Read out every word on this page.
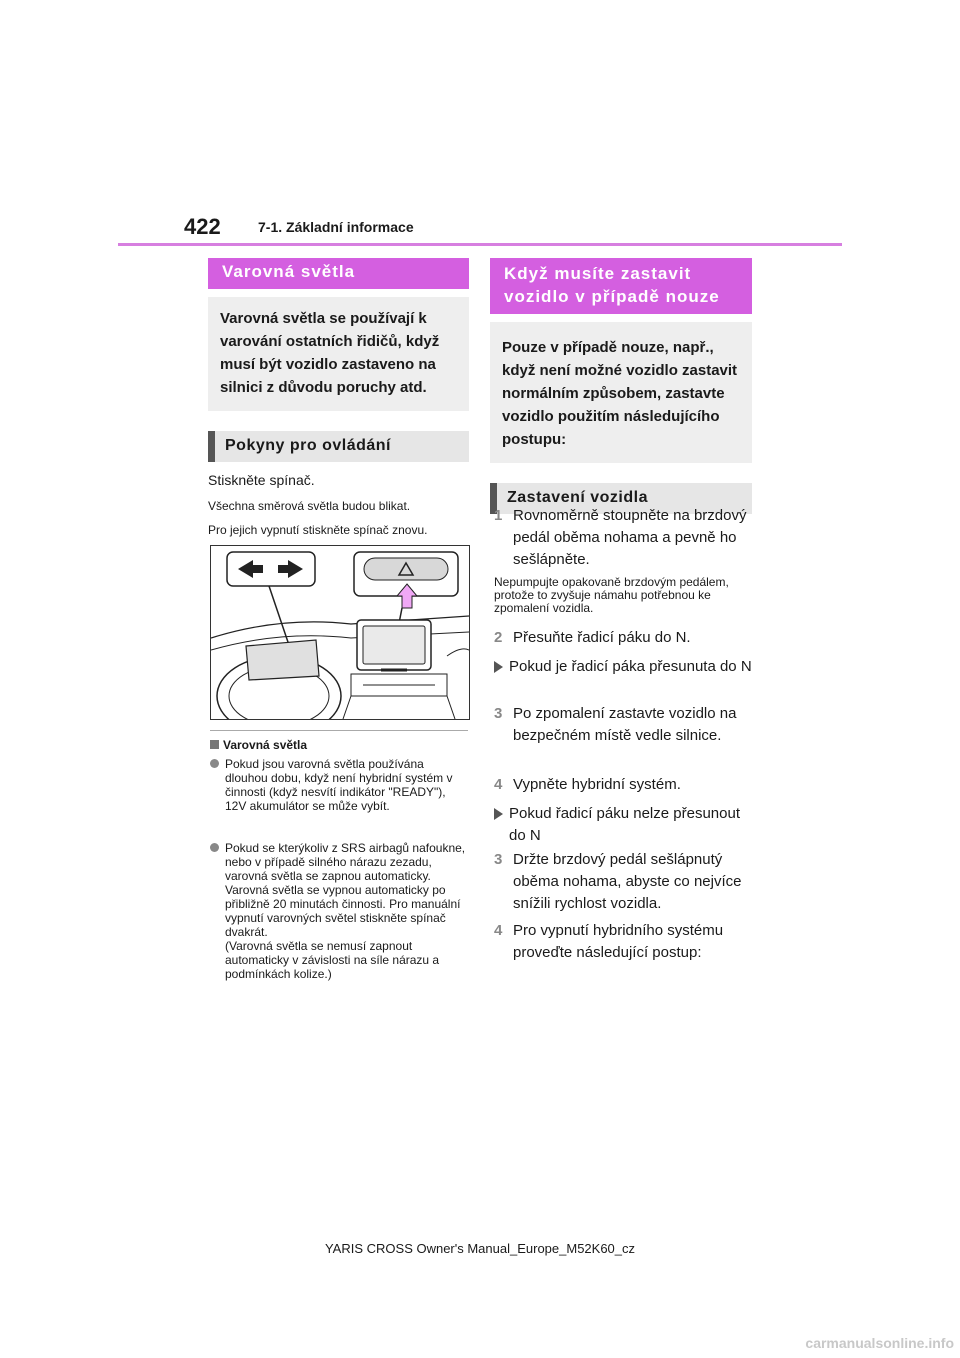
422	7-1. Základní informace
Varovná světla
Varovná světla se používají k varování ostatních řidičů, když musí být vozidlo zastaveno na silnici z důvodu poruchy atd.
Pokyny pro ovládání

Stiskněte spínač.

Všechna směrová světla budou blikat.

Pro jejich vypnutí stiskněte spínač znovu.

Varovná světla
Pokud jsou varovná světla používána dlouhou dobu, když není hybridní systém v činnosti (když nesvítí indikátor "READY"), 12V akumulátor se může vybít.
Pokud se kterýkoliv z SRS airbagů nafoukne, nebo v případě silného nárazu zezadu, varovná světla se zapnou automaticky.
Varovná světla se vypnou automaticky po přibližně 20 minutách činnosti. Pro manuální vypnutí varovných světel stiskněte spínač dvakrát.
(Varovná světla se nemusí zapnout automaticky v závislosti na síle nárazu a podmínkách kolize.)
Když musíte zastavit vozidlo v případě nouze
Pouze v případě nouze, např., když není možné vozidlo zastavit normálním způsobem, zastavte vozidlo použitím následujícího postupu:
Zastavení vozidla
1 Rovnoměrně stoupněte na brzdový pedál oběma nohama a pevně ho sešlápněte.
Nepumpujte opakovaně brzdovým pedálem, protože to zvyšuje námahu potřebnou ke zpomalení vozidla.
2 Přesuňte řadicí páku do N.
Pokud je řadicí páka přesunuta do N
3 Po zpomalení zastavte vozidlo na bezpečném místě vedle silnice.
4 Vypněte hybridní systém.
Pokud řadicí páku nelze přesunout do N
3 Držte brzdový pedál sešlápnutý oběma nohama, abyste co nejvíce snížili rychlost vozidla.
4 Pro vypnutí hybridního systému proveďte následující postup:
YARIS CROSS Owner's Manual_Europe_M52K60_cz
carmanualsonline.info
